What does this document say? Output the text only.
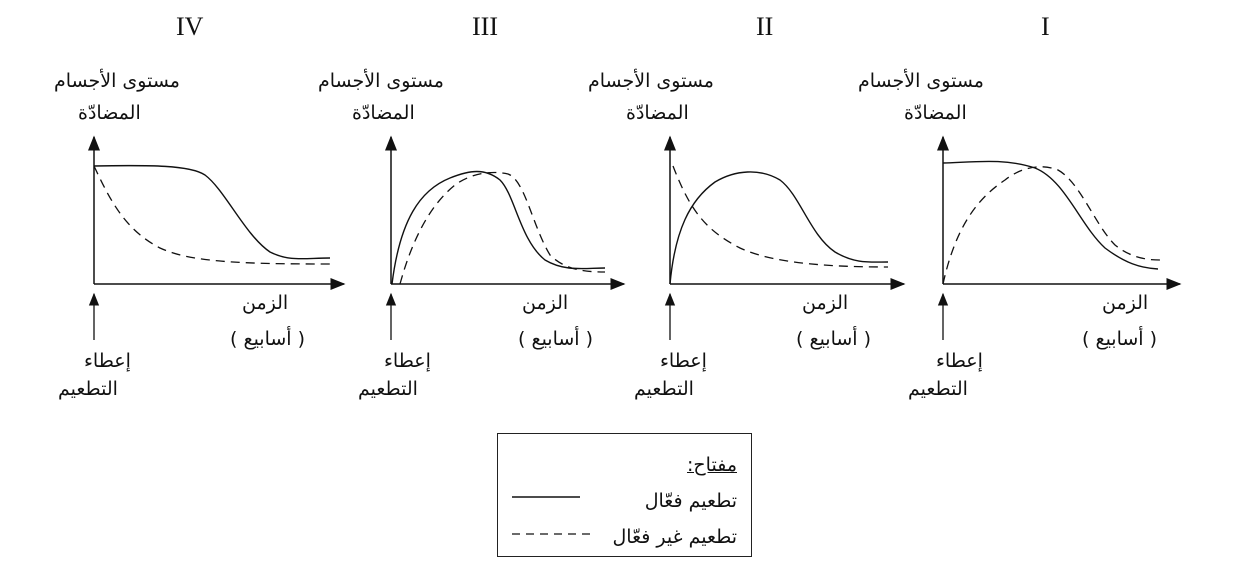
IV	III	II	I
مستوى الأجسام
المضادّة
الزمن
( أسابيع )
إعطاء
التطعيم
مستوى الأجسام
المضادّة
الزمن
( أسابيع )
إعطاء
التطعيم
مستوى الأجسام
المضادّة
الزمن
( أسابيع )
إعطاء
التطعيم
مستوى الأجسام
المضادّة
الزمن
( أسابيع )
إعطاء
التطعيم
مفتاح:
تطعيم فعّال
تطعيم غير فعّال
